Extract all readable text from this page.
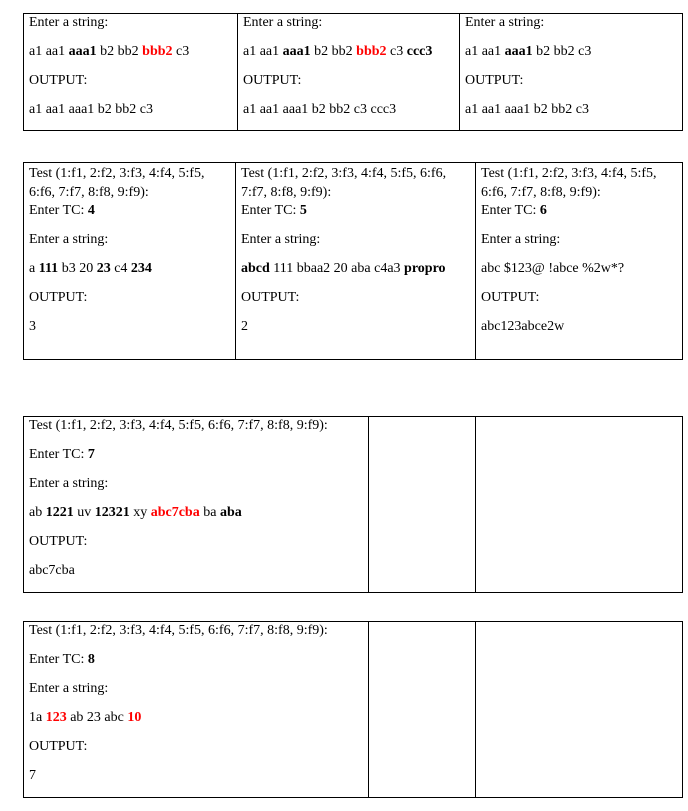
Enter a string:
a1 aa1 aaa1 b2 bb2 bbb2 c3
OUTPUT:
a1 aa1 aaa1 b2 bb2 c3

Enter a string:
a1 aa1 aaa1 b2 bb2 bbb2 c3 ccc3
OUTPUT:
a1 aa1 aaa1 b2 bb2 c3 ccc3

Enter a string:
a1 aa1 aaa1 b2 bb2 c3
OUTPUT:
a1 aa1 aaa1 b2 bb2 c3
Test (1:f1, 2:f2, 3:f3, 4:f4, 5:f5, 6:f6, 7:f7, 8:f8, 9:f9):
Enter TC: 4
Enter a string:
a 111 b3 20 23 c4 234
OUTPUT:
3

Test (1:f1, 2:f2, 3:f3, 4:f4, 5:f5, 6:f6, 7:f7, 8:f8, 9:f9):
Enter TC: 5
Enter a string:
abcd 111 bbaa2 20 aba c4a3 propro
OUTPUT:
2

Test (1:f1, 2:f2, 3:f3, 4:f4, 5:f5, 6:f6, 7:f7, 8:f8, 9:f9):
Enter TC: 6
Enter a string:
abc $123@ !abce %2w*?
OUTPUT:
abc123abce2w
Test (1:f1, 2:f2, 3:f3, 4:f4, 5:f5, 6:f6, 7:f7, 8:f8, 9:f9):
Enter TC: 7
Enter a string:
ab 1221 uv 12321 xy abc7cba ba aba
OUTPUT:
abc7cba

Test (1:f1, 2:f2, 3:f3, 4:f4, 5:f5, 6:f6, 7:f7, 8:f8, 9:f9):
Enter TC: 8
Enter a string:
1a 123 ab 23 abc 10
OUTPUT:
7
